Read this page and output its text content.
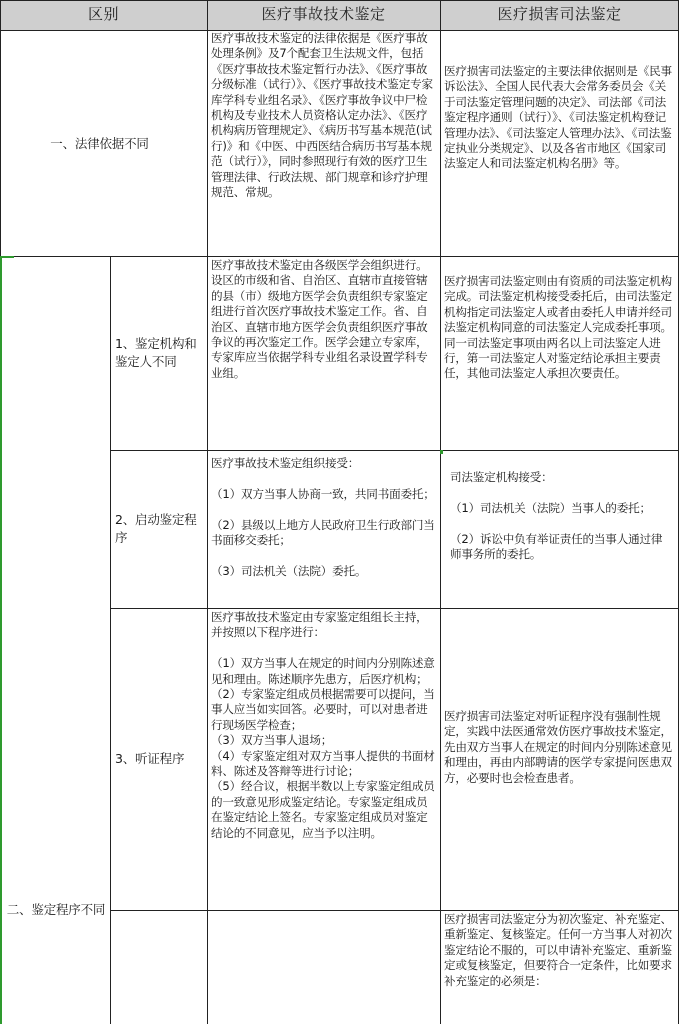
区别	医疗事故技术鉴定	医疗损害司法鉴定
一、法律依据不同
医疗事故技术鉴定的法律依据是《医疗事故处理条例》及7个配套卫生法规文件，包括《医疗事故技术鉴定暂行办法》、《医疗事故分级标准（试行）》、《医疗事故技术鉴定专家库学科专业组名录》、《医疗事故争议中尸检机构及专业技术人员资格认定办法》、《医疗机构病历管理规定》、《病历书写基本规范(试行)》和《中医、中西医结合病历书写基本规范（试行）》，同时参照现行有效的医疗卫生管理法律、行政法规、部门规章和诊疗护理规范、常规。
医疗损害司法鉴定的主要法律依据则是《民事诉讼法》、全国人民代表大会常务委员会《关于司法鉴定管理问题的决定》、司法部《司法鉴定程序通则（试行）》、《司法鉴定机构登记管理办法》、《司法鉴定人管理办法》、《司法鉴定执业分类规定》、以及各省市地区《国家司法鉴定人和司法鉴定机构名册》等。
二、鉴定程序不同
1、鉴定机构和鉴定人不同
医疗事故技术鉴定由各级医学会组织进行。设区的市级和省、自治区、直辖市直接管辖的县（市）级地方医学会负责组织专家鉴定组进行首次医疗事故技术鉴定工作。省、自治区、直辖市地方医学会负责组织医疗事故争议的再次鉴定工作。医学会建立专家库，专家库应当依据学科专业组名录设置学科专业组。
医疗损害司法鉴定则由有资质的司法鉴定机构完成。司法鉴定机构接受委托后，由司法鉴定机构指定司法鉴定人或者由委托人申请并经司法鉴定机构同意的司法鉴定人完成委托事项。同一司法鉴定事项由两名以上司法鉴定人进行，第一司法鉴定人对鉴定结论承担主要责任，其他司法鉴定人承担次要责任。
2、启动鉴定程序

医疗事故技术鉴定组织接受：

（1）双方当事人协商一致，共同书面委托；

（2）县级以上地方人民政府卫生行政部门当书面移交委托；

（3）司法机关（法院）委托。

司法鉴定机构接受：

（1）司法机关（法院）当事人的委托；

（2）诉讼中负有举证责任的当事人通过律师事务所的委托。

3、听证程序

医疗事故技术鉴定由专家鉴定组组长主持，并按照以下程序进行：

（1）双方当事人在规定的时间内分别陈述意见和理由。陈述顺序先患方，后医疗机构；

（2）专家鉴定组成员根据需要可以提问，当事人应当如实回答。必要时，可以对患者进行现场医学检查；

（3）双方当事人退场；

（4）专家鉴定组对双方当事人提供的书面材料、陈述及答辩等进行讨论；

（5）经合议，根据半数以上专家鉴定组成员的一致意见形成鉴定结论。专家鉴定组成员在鉴定结论上签名。专家鉴定组成员对鉴定结论的不同意见，应当予以注明。

医疗损害司法鉴定对听证程序没有强制性规定，实践中法医通常效仿医疗事故技术鉴定，先由双方当事人在规定的时间内分别陈述意见和理由，再由内部聘请的医学专家提问医患双方，必要时也会检查患者。
医疗损害司法鉴定分为初次鉴定、补充鉴定、重新鉴定、复核鉴定。任何一方当事人对初次鉴定结论不服的，可以申请补充鉴定、重新鉴定或复核鉴定，但要符合一定条件，比如要求补充鉴定的必须是：
